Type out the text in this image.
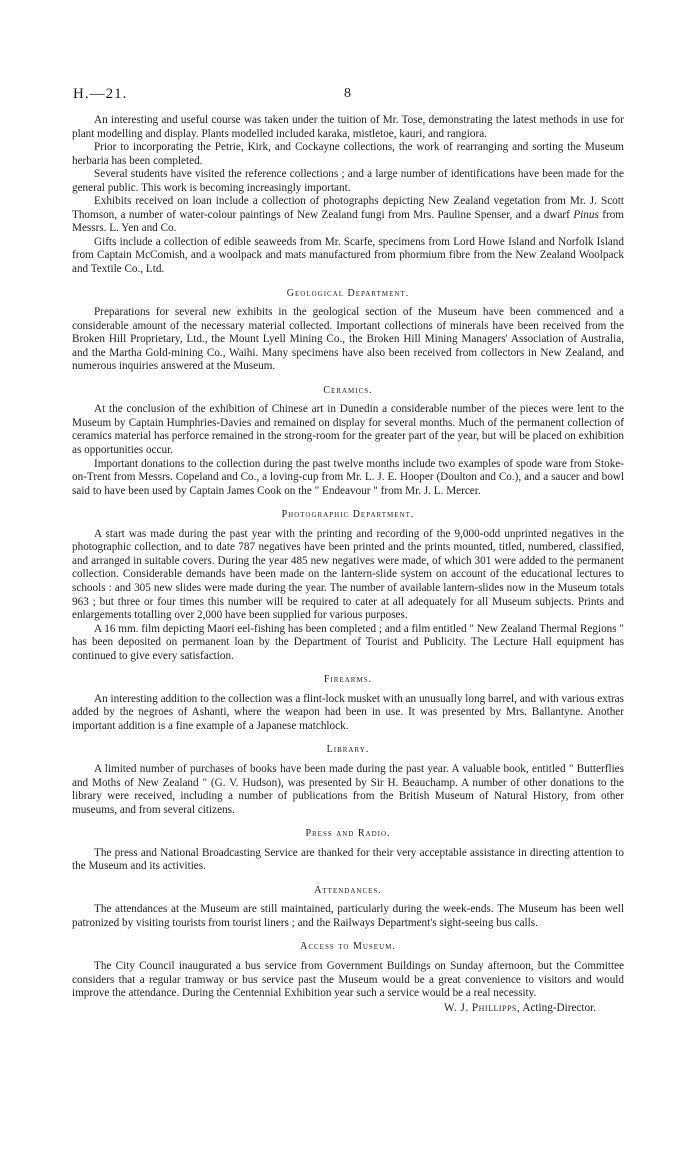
H.—21.	8

An interesting and useful course was taken under the tuition of Mr. Tose, demonstrating the latest methods in use for plant modelling and display. Plants modelled included karaka, mistletoe, kauri, and rangiora.

Prior to incorporating the Petrie, Kirk, and Cockayne collections, the work of rearranging and sorting the Museum herbaria has been completed.

Several students have visited the reference collections ; and a large number of identifications have been made for the general public. This work is becoming increasingly important.

Exhibits received on loan include a collection of photographs depicting New Zealand vegetation from Mr. J. Scott Thomson, a number of water-colour paintings of New Zealand fungi from Mrs. Pauline Spenser, and a dwarf Pinus from Messrs. L. Yen and Co.

Gifts include a collection of edible seaweeds from Mr. Scarfe, specimens from Lord Howe Island and Norfolk Island from Captain McComish, and a woolpack and mats manufactured from phormium fibre from the New Zealand Woolpack and Textile Co., Ltd.

Geological Department.

Preparations for several new exhibits in the geological section of the Museum have been commenced and a considerable amount of the necessary material collected. Important collections of minerals have been received from the Broken Hill Proprietary, Ltd., the Mount Lyell Mining Co., the Broken Hill Mining Managers' Association of Australia, and the Martha Gold-mining Co., Waihi. Many specimens have also been received from collectors in New Zealand, and numerous inquiries answered at the Museum.

Ceramics.

At the conclusion of the exhibition of Chinese art in Dunedin a considerable number of the pieces were lent to the Museum by Captain Humphries-Davies and remained on display for several months. Much of the permanent collection of ceramics material has perforce remained in the strong-room for the greater part of the year, but will be placed on exhibition as opportunities occur.

Important donations to the collection during the past twelve months include two examples of spode ware from Stoke-on-Trent from Messrs. Copeland and Co., a loving-cup from Mr. L. J. E. Hooper (Doulton and Co.), and a saucer and bowl said to have been used by Captain James Cook on the " Endeavour " from Mr. J. L. Mercer.

Photographic Department.

A start was made during the past year with the printing and recording of the 9,000-odd unprinted negatives in the photographic collection, and to date 787 negatives have been printed and the prints mounted, titled, numbered, classified, and arranged in suitable covers. During the year 485 new negatives were made, of which 301 were added to the permanent collection. Considerable demands have been made on the lantern-slide system on account of the educational lectures to schools : and 305 new slides were made during the year. The number of available lantern-slides now in the Museum totals 963 ; but three or four times this number will be required to cater at all adequately for all Museum subjects. Prints and enlargements totalling over 2,000 have been supplied for various purposes.

A 16 mm. film depicting Maori eel-fishing has been completed ; and a film entitled " New Zealand Thermal Regions " has been deposited on permanent loan by the Department of Tourist and Publicity. The Lecture Hall equipment has continued to give every satisfaction.

Firearms.

An interesting addition to the collection was a flint-lock musket with an unusually long barrel, and with various extras added by the negroes of Ashanti, where the weapon had been in use. It was presented by Mrs. Ballantyne. Another important addition is a fine example of a Japanese matchlock.

Library.

A limited number of purchases of books have been made during the past year. A valuable book, entitled " Butterflies and Moths of New Zealand " (G. V. Hudson), was presented by Sir H. Beauchamp. A number of other donations to the library were received, including a number of publications from the British Museum of Natural History, from other museums, and from several citizens.

Press and Radio.

The press and National Broadcasting Service are thanked for their very acceptable assistance in directing attention to the Museum and its activities.

Attendances.

The attendances at the Museum are still maintained, particularly during the week-ends. The Museum has been well patronized by visiting tourists from tourist liners ; and the Railways Department's sight-seeing bus calls.

Access to Museum.

The City Council inaugurated a bus service from Government Buildings on Sunday afternoon, but the Committee considers that a regular tramway or bus service past the Museum would be a great convenience to visitors and would improve the attendance. During the Centennial Exhibition year such a service would be a real necessity.

W. J. Phillipps, Acting-Director.
